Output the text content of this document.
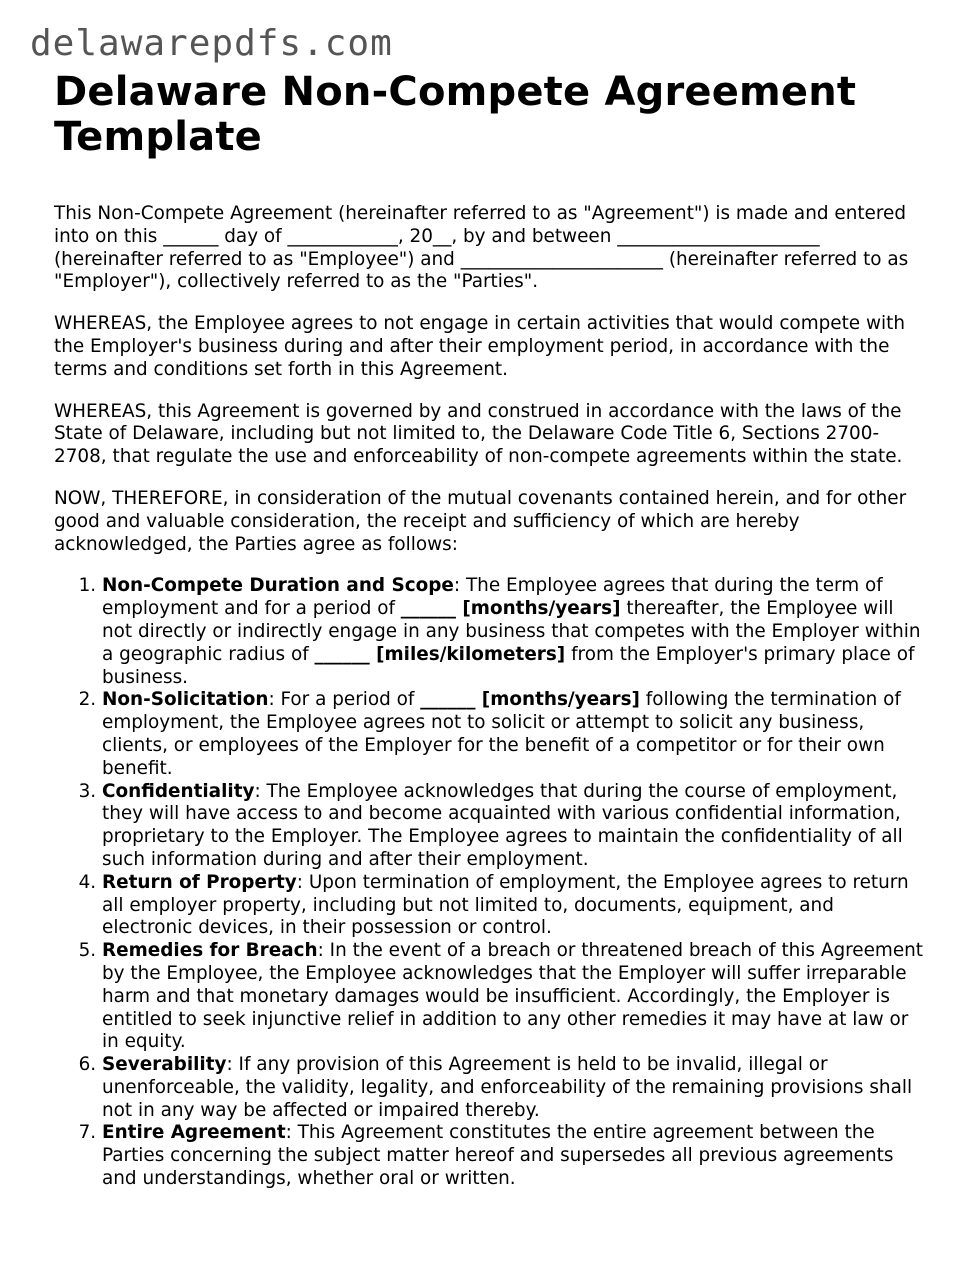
delawarepdfs.com
Delaware Non-Compete Agreement Template

This Non-Compete Agreement (hereinafter referred to as "Agreement") is made and entered into on this ______ day of ____________, 20__, by and between ______________________ (hereinafter referred to as "Employee") and ______________________ (hereinafter referred to as "Employer"), collectively referred to as the "Parties".

WHEREAS, the Employee agrees to not engage in certain activities that would compete with the Employer's business during and after their employment period, in accordance with the terms and conditions set forth in this Agreement.

WHEREAS, this Agreement is governed by and construed in accordance with the laws of the State of Delaware, including but not limited to, the Delaware Code Title 6, Sections 2700-2708, that regulate the use and enforceability of non-compete agreements within the state.

NOW, THEREFORE, in consideration of the mutual covenants contained herein, and for other good and valuable consideration, the receipt and sufficiency of which are hereby acknowledged, the Parties agree as follows:

1. Non-Compete Duration and Scope: The Employee agrees that during the term of employment and for a period of ______ [months/years] thereafter, the Employee will not directly or indirectly engage in any business that competes with the Employer within a geographic radius of ______ [miles/kilometers] from the Employer's primary place of business.
2. Non-Solicitation: For a period of ______ [months/years] following the termination of employment, the Employee agrees not to solicit or attempt to solicit any business, clients, or employees of the Employer for the benefit of a competitor or for their own benefit.
3. Confidentiality: The Employee acknowledges that during the course of employment, they will have access to and become acquainted with various confidential information, proprietary to the Employer. The Employee agrees to maintain the confidentiality of all such information during and after their employment.
4. Return of Property: Upon termination of employment, the Employee agrees to return all employer property, including but not limited to, documents, equipment, and electronic devices, in their possession or control.
5. Remedies for Breach: In the event of a breach or threatened breach of this Agreement by the Employee, the Employee acknowledges that the Employer will suffer irreparable harm and that monetary damages would be insufficient. Accordingly, the Employer is entitled to seek injunctive relief in addition to any other remedies it may have at law or in equity.
6. Severability: If any provision of this Agreement is held to be invalid, illegal or unenforceable, the validity, legality, and enforceability of the remaining provisions shall not in any way be affected or impaired thereby.
7. Entire Agreement: This Agreement constitutes the entire agreement between the Parties concerning the subject matter hereof and supersedes all previous agreements and understandings, whether oral or written.
